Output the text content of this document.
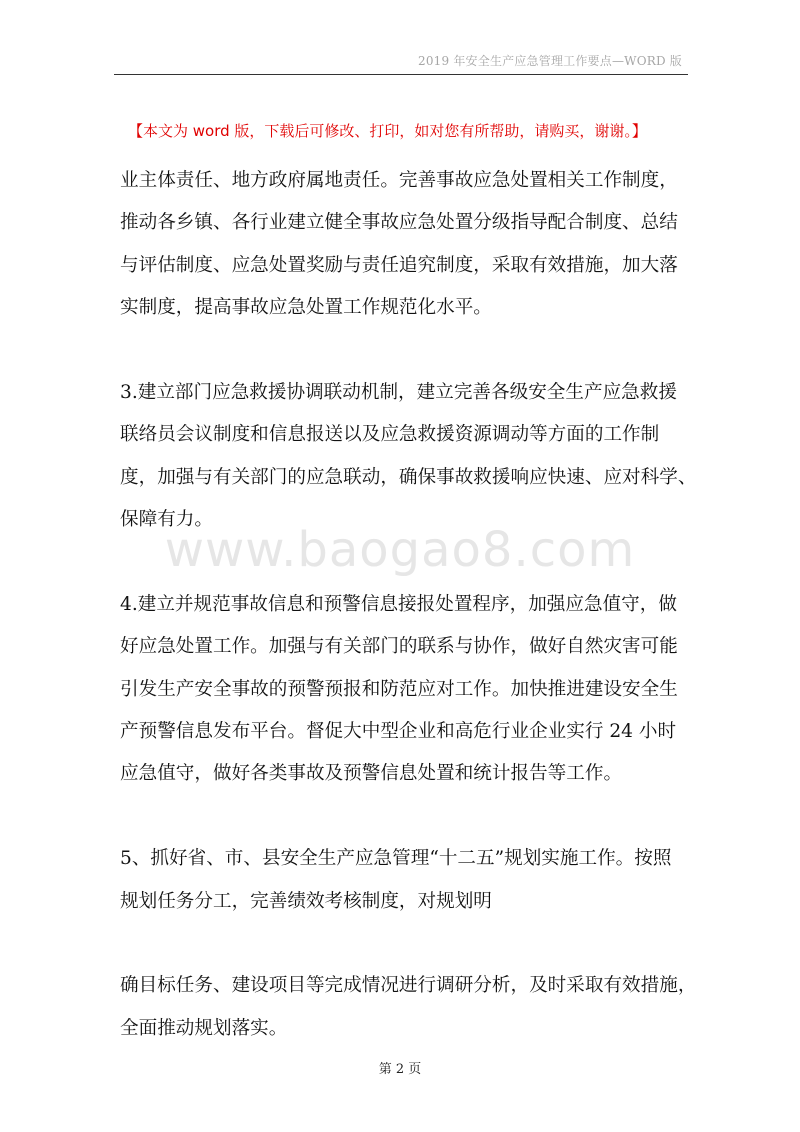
2019 年安全生产应急管理工作要点—WORD 版
【本文为 word 版，下载后可修改、打印，如对您有所帮助，请购买，谢谢。】
www.baogao8.com
业主体责任、地方政府属地责任。完善事故应急处置相关工作制度，
推动各乡镇、各行业建立健全事故应急处置分级指导配合制度、总结
与评估制度、应急处置奖励与责任追究制度，采取有效措施，加大落
实制度，提高事故应急处置工作规范化水平。
3.建立部门应急救援协调联动机制，建立完善各级安全生产应急救援
联络员会议制度和信息报送以及应急救援资源调动等方面的工作制
度，加强与有关部门的应急联动，确保事故救援响应快速、应对科学、
保障有力。
4.建立并规范事故信息和预警信息接报处置程序，加强应急值守，做
好应急处置工作。加强与有关部门的联系与协作，做好自然灾害可能
引发生产安全事故的预警预报和防范应对工作。加快推进建设安全生
产预警信息发布平台。督促大中型企业和高危行业企业实行 24 小时
应急值守，做好各类事故及预警信息处置和统计报告等工作。
5、抓好省、市、县安全生产应急管理“十二五”规划实施工作。按照
规划任务分工，完善绩效考核制度，对规划明
确目标任务、建设项目等完成情况进行调研分析，及时采取有效措施，
全面推动规划落实。
第 2 页
